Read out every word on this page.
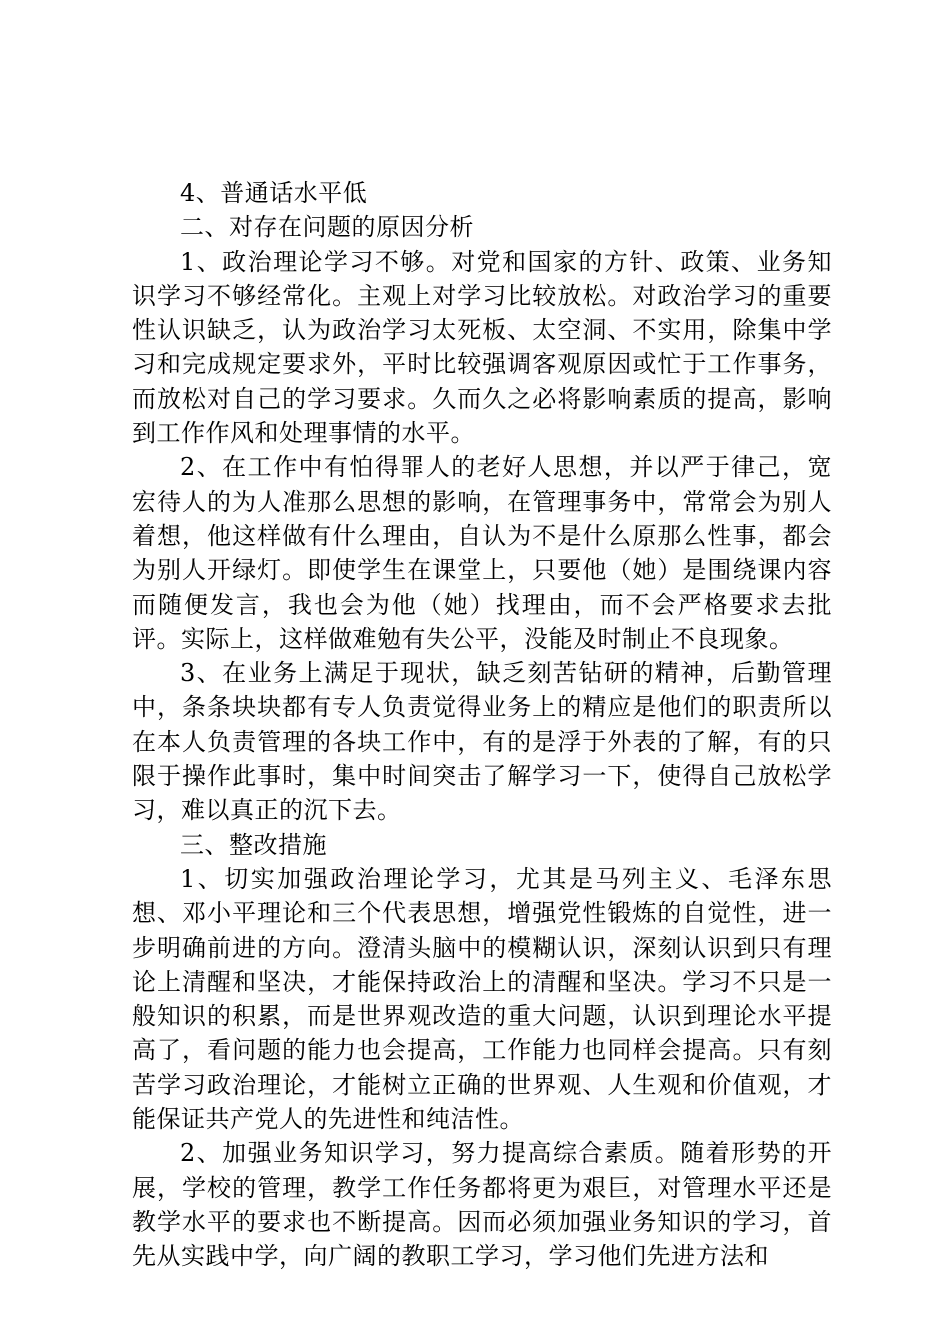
4、普通话水平低

二、对存在问题的原因分析

1、政治理论学习不够。对党和国家的方针、政策、业务知识学习不够经常化。主观上对学习比较放松。对政治学习的重要性认识缺乏，认为政治学习太死板、太空洞、不实用，除集中学习和完成规定要求外，平时比较强调客观原因或忙于工作事务，而放松对自己的学习要求。久而久之必将影响素质的提高，影响到工作作风和处理事情的水平。

2、在工作中有怕得罪人的老好人思想，并以严于律己，宽宏待人的为人准那么思想的影响，在管理事务中，常常会为别人着想，他这样做有什么理由，自认为不是什么原那么性事，都会为别人开绿灯。即使学生在课堂上，只要他（她）是围绕课内容而随便发言，我也会为他（她）找理由，而不会严格要求去批评。实际上，这样做难勉有失公平，没能及时制止不良现象。

3、在业务上满足于现状，缺乏刻苦钻研的精神，后勤管理中，条条块块都有专人负责觉得业务上的精应是他们的职责所以在本人负责管理的各块工作中，有的是浮于外表的了解，有的只限于操作此事时，集中时间突击了解学习一下，使得自己放松学习，难以真正的沉下去。

三、整改措施

1、切实加强政治理论学习，尤其是马列主义、毛泽东思想、邓小平理论和三个代表思想，增强党性锻炼的自觉性，进一步明确前进的方向。澄清头脑中的模糊认识，深刻认识到只有理论上清醒和坚决，才能保持政治上的清醒和坚决。学习不只是一般知识的积累，而是世界观改造的重大问题，认识到理论水平提高了，看问题的能力也会提高，工作能力也同样会提高。只有刻苦学习政治理论，才能树立正确的世界观、人生观和价值观，才能保证共产党人的先进性和纯洁性。

2、加强业务知识学习，努力提高综合素质。随着形势的开展，学校的管理，教学工作任务都将更为艰巨，对管理水平还是教学水平的要求也不断提高。因而必须加强业务知识的学习，首先从实践中学，向广阔的教职工学习，学习他们先进方法和
